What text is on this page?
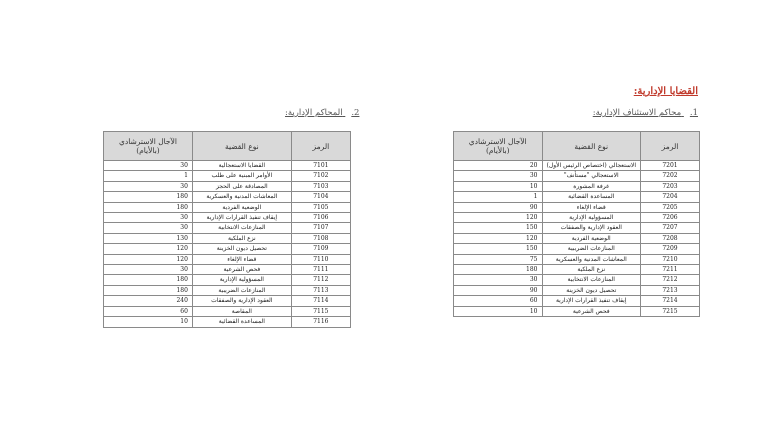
القضايا الإدارية:
1. محاكم الاستئناف الإدارية:
2. المحاكم الإدارية:
الرمز	نوع القضية	الآجال الاسترشادي
(بالأيام)
7201	الاستعجالي (اختصاص الرئيس الأول)	20
7202	الاستعجالي "مستأنف"	30
7203	غرفة المشورة	10
7204	المساعدة القضائية	1
7205	قضاء الإلغاء	90
7206	المسؤولية الإدارية	120
7207	العقود الإدارية والصفقات	150
7208	الوضعية الفردية	120
7209	المنازعات الضريبية	150
7210	المعاشات المدنية والعسكرية	75
7211	نزع الملكية	180
7212	المنازعات الانتخابية	30
7213	تحصيل ديون الخزينة	90
7214	إيقاف تنفيذ القرارات الإدارية	60
7215	فحص الشرعية	10
الرمز	نوع القضية	الآجال الاسترشادي
(بالأيام)
7101	القضايا الاستعجالية	30
7102	الأوامر المبنية على طلب	1
7103	المصادقة على الحجز	30
7104	المعاشات المدنية والعسكرية	180
7105	الوضعية الفردية	180
7106	إيقاف تنفيذ القرارات الإدارية	30
7107	المنازعات الانتخابية	30
7108	نزع الملكية	130
7109	تحصيل ديون الخزينة	120
7110	قضاء الإلغاء	120
7111	فحص الشرعية	30
7112	المسؤولية الإدارية	180
7113	المنازعات الضريبية	180
7114	العقود الإدارية والصفقات	240
7115	المقاصة	60
7116	المساعدة القضائية	10
